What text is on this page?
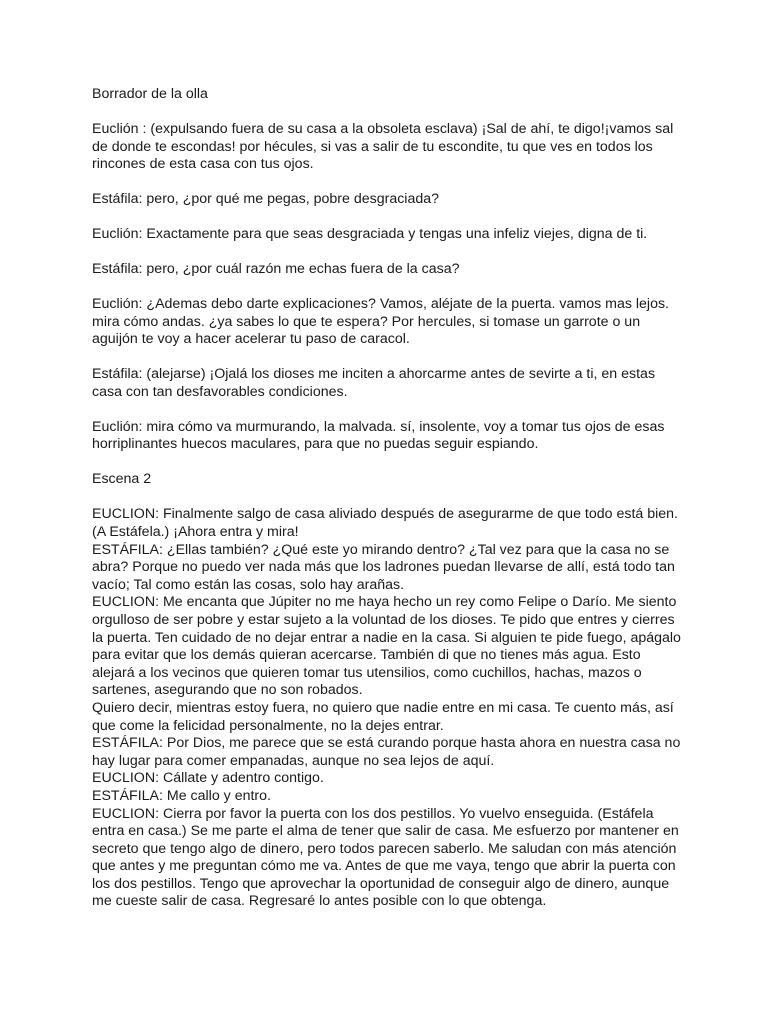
Borrador de la olla

Euclión : (expulsando fuera de su casa a la obsoleta esclava) ¡Sal de ahí, te digo!¡vamos sal de donde te escondas! por hécules, si vas a salir de tu escondite, tu que ves en todos los rincones de esta casa con tus ojos.

Estáfila: pero, ¿por qué me pegas, pobre desgraciada?

Euclión: Exactamente para que seas desgraciada y tengas una infeliz viejes, digna de ti.

Estáfila: pero, ¿por cuál razón me echas fuera de la casa?

Euclión: ¿Ademas debo darte explicaciones? Vamos, aléjate de la puerta. vamos mas lejos. mira cómo andas. ¿ya sabes lo que te espera? Por hercules, si tomase un garrote o un aguijón te voy a hacer acelerar tu paso de caracol.

Estáfila: (alejarse) ¡Ojalá los dioses me inciten a ahorcarme antes de sevirte a ti, en estas casa con tan desfavorables condiciones.

Euclión: mira cómo va murmurando, la malvada. sí, insolente, voy a tomar tus ojos de esas horriplinantes huecos maculares, para que no puedas seguir espiando.

Escena 2

EUCLION: Finalmente salgo de casa aliviado después de asegurarme de que todo está bien. (A Estáfela.) ¡Ahora entra y mira!

ESTÁFILA: ¿Ellas también? ¿Qué este yo mirando dentro? ¿Tal vez para que la casa no se abra? Porque no puedo ver nada más que los ladrones puedan llevarse de allí, está todo tan vacío; Tal como están las cosas, solo hay arañas.

EUCLION: Me encanta que Júpiter no me haya hecho un rey como Felipe o Darío. Me siento orgulloso de ser pobre y estar sujeto a la voluntad de los dioses. Te pido que entres y cierres la puerta. Ten cuidado de no dejar entrar a nadie en la casa. Si alguien te pide fuego, apágalo para evitar que los demás quieran acercarse. También di que no tienes más agua. Esto alejará a los vecinos que quieren tomar tus utensilios, como cuchillos, hachas, mazos o sartenes, asegurando que no son robados.

Quiero decir, mientras estoy fuera, no quiero que nadie entre en mi casa. Te cuento más, así que come la felicidad personalmente, no la dejes entrar.

ESTÁFILA: Por Dios, me parece que se está curando porque hasta ahora en nuestra casa no hay lugar para comer empanadas, aunque no sea lejos de aquí.

EUCLION: Cállate y adentro contigo.

ESTÁFILA: Me callo y entro.

EUCLION: Cierra por favor la puerta con los dos pestillos. Yo vuelvo enseguida. (Estáfela entra en casa.) Se me parte el alma de tener que salir de casa. Me esfuerzo por mantener en secreto que tengo algo de dinero, pero todos parecen saberlo. Me saludan con más atención que antes y me preguntan cómo me va. Antes de que me vaya, tengo que abrir la puerta con los dos pestillos. Tengo que aprovechar la oportunidad de conseguir algo de dinero, aunque me cueste salir de casa. Regresaré lo antes posible con lo que obtenga.
